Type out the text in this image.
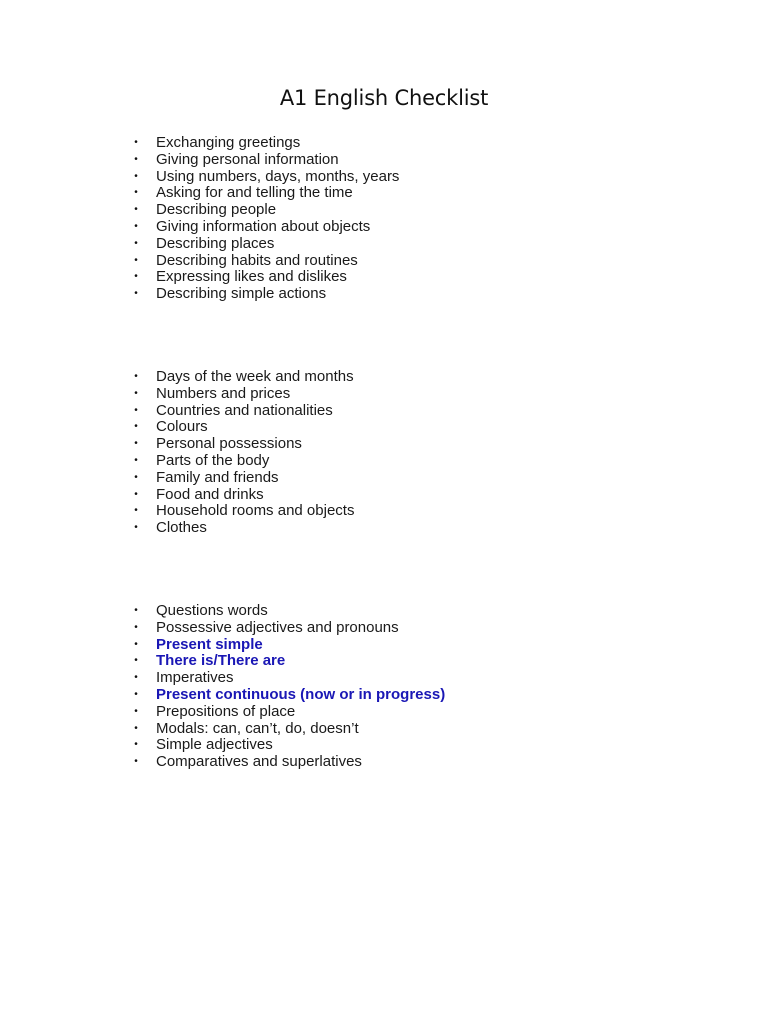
A1 English Checklist
• Exchanging greetings
• Giving personal information
• Using numbers, days, months, years
• Asking for and telling the time
• Describing people
• Giving information about objects
• Describing places
• Describing habits and routines
• Expressing likes and dislikes
• Describing simple actions
• Days of the week and months
• Numbers and prices
• Countries and nationalities
• Colours
• Personal possessions
• Parts of the body
• Family and friends
• Food and drinks
• Household rooms and objects
• Clothes
• Questions words
• Possessive adjectives and pronouns
• Present simple
• There is/There are
• Imperatives
• Present continuous (now or in progress)
• Prepositions of place
• Modals: can, can’t, do, doesn’t
• Simple adjectives
• Comparatives and superlatives
